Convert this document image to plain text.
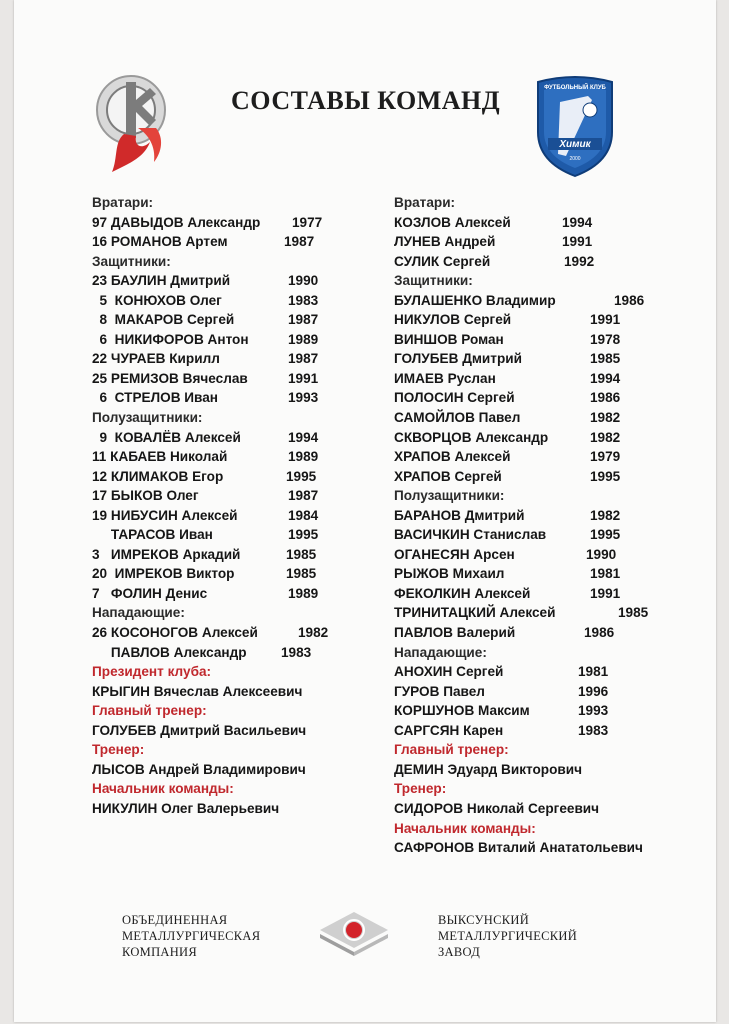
СОСТАВЫ КОМАНД	ФУТБОЛЬНЫЙ КЛУБ
Химик
2000
Вратари:
97 ДАВЫДОВ Александр 1977
16 РОМАНОВ Артем	1987
Защитники:
23 БАУЛИН Дмитрий	1990
5  КОНЮХОВ Олег	1983
8  МАКАРОВ Сергей	1987
6  НИКИФОРОВ Антон	1989
22 ЧУРАЕВ Кирилл	1987
25 РЕМИЗОВ Вячеслав	1991
6  СТРЕЛОВ Иван	1993
Полузащитники:
9  КОВАЛЁВ Алексей	1994
11 КАБАЕВ Николай	1989
12 КЛИМАКОВ Егор	1995
17 БЫКОВ Олег	1987
19 НИБУСИН Алексей	1984
ТАРАСОВ Иван	1995
3   ИМРЕКОВ Аркадий	1985
20  ИМРЕКОВ Виктор	1985
7   ФОЛИН Денис	1989
Нападающие:
26 КОСОНОГОВ Алексей	1982
ПАВЛОВ Александр	1983
Президент клуба:
КРЫГИН Вячеслав Алексеевич
Главный тренер:
ГОЛУБЕВ Дмитрий Васильевич
Тренер:
ЛЫСОВ Андрей Владимирович
Начальник команды:
НИКУЛИН Олег Валерьевич
Вратари:
КОЗЛОВ Алексей	1994
ЛУНЕВ Андрей	1991
СУЛИК Сергей	1992
Защитники:
БУЛАШЕНКО Владимир	1986
НИКУЛОВ Сергей	1991
ВИНШОВ Роман	1978
ГОЛУБЕВ Дмитрий	1985
ИМАЕВ Руслан	1994
ПОЛОСИН Сергей	1986
САМОЙЛОВ Павел	1982
СКВОРЦОВ Александр	1982
ХРАПОВ Алексей	1979
ХРАПОВ Сергей	1995
Полузащитники:
БАРАНОВ Дмитрий	1982
ВАСИЧКИН Станислав	1995
ОГАНЕСЯН Арсен	1990
РЫЖОВ Михаил	1981
ФЕКОЛКИН Алексей	1991
ТРИНИТАЦКИЙ Алексей	1985
ПАВЛОВ Валерий	1986
Нападающие:
АНОХИН Сергей	1981
ГУРОВ Павел	1996
КОРШУНОВ Максим	1993
САРГСЯН Карен	1983
Главный тренер:
ДЕМИН Эдуард Викторович
Тренер:
СИДОРОВ Николай Сергеевич
Начальник команды:
САФРОНОВ Виталий Анататольевич
ОБЪЕДИНЕННАЯ
МЕТАЛЛУРГИЧЕСКАЯ
КОМПАНИЯ
ВЫКСУНСКИЙ
МЕТАЛЛУРГИЧЕСКИЙ
ЗАВОД
